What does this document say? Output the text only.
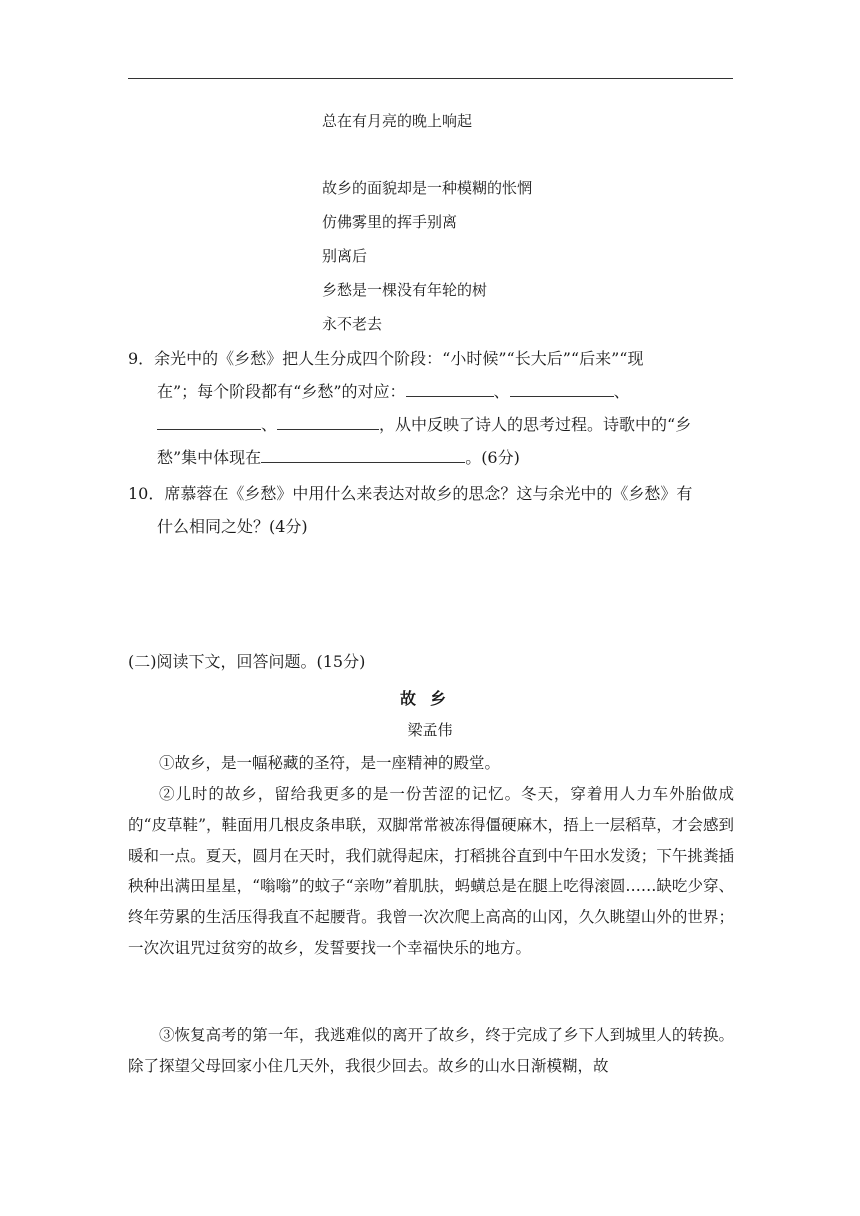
总在有月亮的晚上响起
故乡的面貌却是一种模糊的怅惘
仿佛雾里的挥手别离
别离后
乡愁是一棵没有年轮的树
永不老去
9．余光中的《乡愁》把人生分成四个阶段：“小时候”“长大后”“后来”“现
在”；每个阶段都有“乡愁”的对应：	、	、
、	，从中反映了诗人的思考过程。诗歌中的“乡
愁”集中体现在	。(6分)
10．席慕蓉在《乡愁》中用什么来表达对故乡的思念？这与余光中的《乡愁》有
什么相同之处？(4分)
(二)阅读下文，回答问题。(15分)
故乡
梁孟伟
①故乡，是一幅秘藏的圣符，是一座精神的殿堂。
②儿时的故乡，留给我更多的是一份苦涩的记忆。冬天，穿着用人力车外胎做成的“皮草鞋”，鞋面用几根皮条串联，双脚常常被冻得僵硬麻木，捂上一层稻草，才会感到暖和一点。夏天，圆月在天时，我们就得起床，打稻挑谷直到中午田水发烫；下午挑粪插秧种出满田星星，“嗡嗡”的蚊子“亲吻”着肌肤，蚂蟥总是在腿上吃得滚圆……缺吃少穿、终年劳累的生活压得我直不起腰背。我曾一次次爬上高高的山冈，久久眺望山外的世界；一次次诅咒过贫穷的故乡，发誓要找一个幸福快乐的地方。
③恢复高考的第一年，我逃难似的离开了故乡，终于完成了乡下人到城里人的转换。除了探望父母回家小住几天外，我很少回去。故乡的山水日渐模糊，故
